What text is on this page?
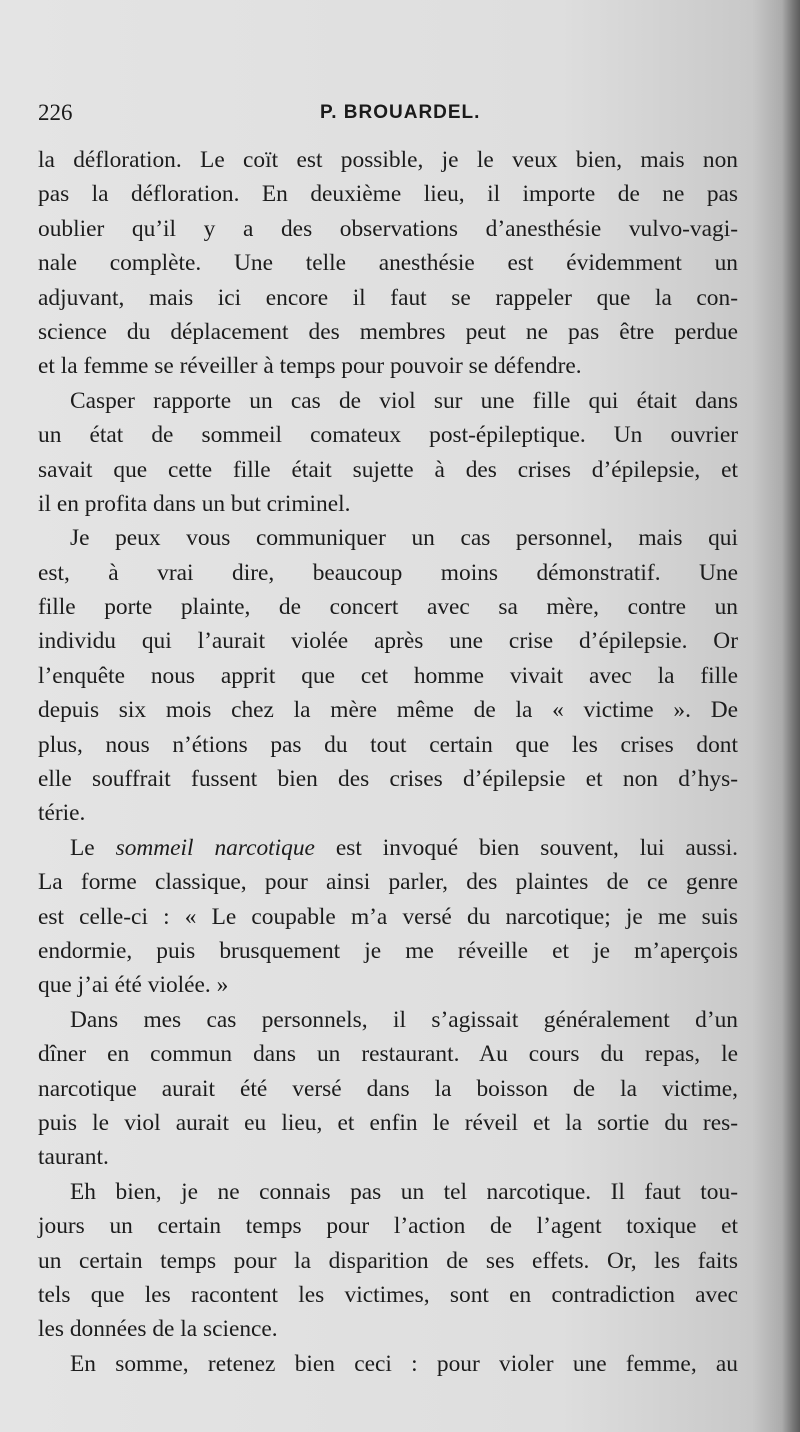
226	P. BROUARDEL.
la défloration. Le coït est possible, je le veux bien, mais non
pas la défloration. En deuxième lieu, il importe de ne pas
oublier qu’il y a des observations d’anesthésie vulvo-vagi-
nale complète. Une telle anesthésie est évidemment un
adjuvant, mais ici encore il faut se rappeler que la con-
science du déplacement des membres peut ne pas être perdue
et la femme se réveiller à temps pour pouvoir se défendre.
Casper rapporte un cas de viol sur une fille qui était dans
un état de sommeil comateux post-épileptique. Un ouvrier
savait que cette fille était sujette à des crises d’épilepsie, et
il en profita dans un but criminel.
Je peux vous communiquer un cas personnel, mais qui
est, à vrai dire, beaucoup moins démonstratif. Une
fille porte plainte, de concert avec sa mère, contre un
individu qui l’aurait violée après une crise d’épilepsie. Or
l’enquête nous apprit que cet homme vivait avec la fille
depuis six mois chez la mère même de la « victime ». De
plus, nous n’étions pas du tout certain que les crises dont
elle souffrait fussent bien des crises d’épilepsie et non d’hys-
térie.
Le sommeil narcotique est invoqué bien souvent, lui aussi.
La forme classique, pour ainsi parler, des plaintes de ce genre
est celle-ci : « Le coupable m’a versé du narcotique; je me suis
endormie, puis brusquement je me réveille et je m’aperçois
que j’ai été violée. »
Dans mes cas personnels, il s’agissait généralement d’un
dîner en commun dans un restaurant. Au cours du repas, le
narcotique aurait été versé dans la boisson de la victime,
puis le viol aurait eu lieu, et enfin le réveil et la sortie du res-
taurant.
Eh bien, je ne connais pas un tel narcotique. Il faut tou-
jours un certain temps pour l’action de l’agent toxique et
un certain temps pour la disparition de ses effets. Or, les faits
tels que les racontent les victimes, sont en contradiction avec
les données de la science.
En somme, retenez bien ceci : pour violer une femme, au
